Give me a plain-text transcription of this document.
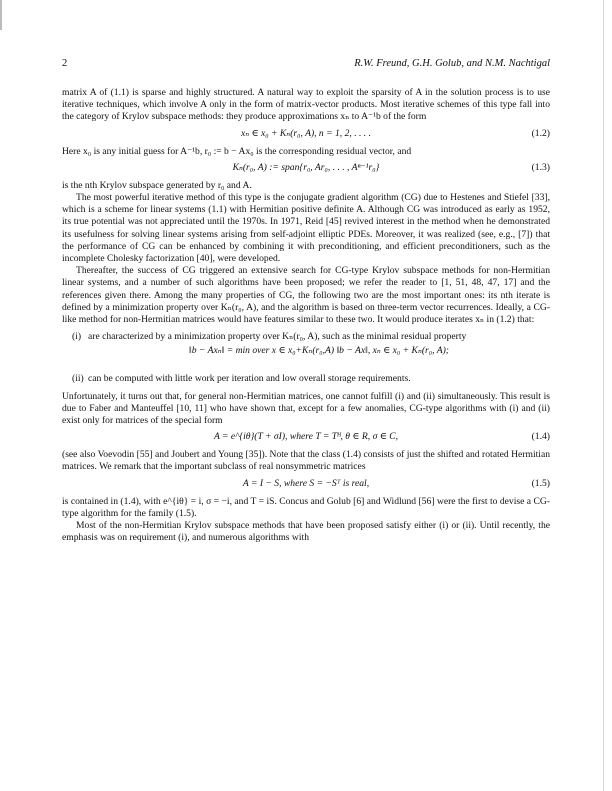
2	R.W. Freund, G.H. Golub, and N.M. Nachtigal

matrix A of (1.1) is sparse and highly structured. A natural way to exploit the sparsity of A in the solution process is to use iterative techniques, which involve A only in the form of matrix-vector products. Most iterative schemes of this type fall into the category of Krylov subspace methods: they produce approximations xₙ to A⁻¹b of the form

xₙ ∈ x₀ + Kₙ(r₀, A), n = 1, 2, . . . .	(1.2)

Here x₀ is any initial guess for A⁻¹b, r₀ := b − Ax₀ is the corresponding residual vector, and

Kₙ(r₀, A) := span{r₀, Ar₀, . . . , Aⁿ⁻¹r₀}	(1.3)

is the nth Krylov subspace generated by r₀ and A.

The most powerful iterative method of this type is the conjugate gradient algorithm (CG) due to Hestenes and Stiefel [33], which is a scheme for linear systems (1.1) with Hermitian positive definite A. Although CG was introduced as early as 1952, its true potential was not appreciated until the 1970s. In 1971, Reid [45] revived interest in the method when he demonstrated its usefulness for solving linear systems arising from self-adjoint elliptic PDEs. Moreover, it was realized (see, e.g., [7]) that the performance of CG can be enhanced by combining it with preconditioning, and efficient preconditioners, such as the incomplete Cholesky factorization [40], were developed.

Thereafter, the success of CG triggered an extensive search for CG-type Krylov subspace methods for non-Hermitian linear systems, and a number of such algorithms have been proposed; we refer the reader to [1, 51, 48, 47, 17] and the references given there. Among the many properties of CG, the following two are the most important ones: its nth iterate is defined by a minimization property over Kₙ(r₀, A), and the algorithm is based on three-term vector recurrences. Ideally, a CG-like method for non-Hermitian matrices would have features similar to these two. It would produce iterates xₙ in (1.2) that:

(i) are characterized by a minimization property over Kₙ(r₀, A), such as the minimal residual property
‖b − Axₙ‖ = min over x ∈ x₀+Kₙ(r₀,A) ‖b − Ax‖, xₙ ∈ x₀ + Kₙ(r₀, A);
(ii) can be computed with little work per iteration and low overall storage requirements.

Unfortunately, it turns out that, for general non-Hermitian matrices, one cannot fulfill (i) and (ii) simultaneously. This result is due to Faber and Manteuffel [10, 11] who have shown that, except for a few anomalies, CG-type algorithms with (i) and (ii) exist only for matrices of the special form

A = e^{iθ}(T + σI), where T = Tᴴ, θ ∈ R, σ ∈ C,	(1.4)

(see also Voevodin [55] and Joubert and Young [35]). Note that the class (1.4) consists of just the shifted and rotated Hermitian matrices. We remark that the important subclass of real nonsymmetric matrices

A = I − S, where S = −Sᵀ is real,	(1.5)

is contained in (1.4), with e^{iθ} = i, σ = −i, and T = iS. Concus and Golub [6] and Widlund [56] were the first to devise a CG-type algorithm for the family (1.5).

Most of the non-Hermitian Krylov subspace methods that have been proposed satisfy either (i) or (ii). Until recently, the emphasis was on requirement (i), and numerous algorithms with
